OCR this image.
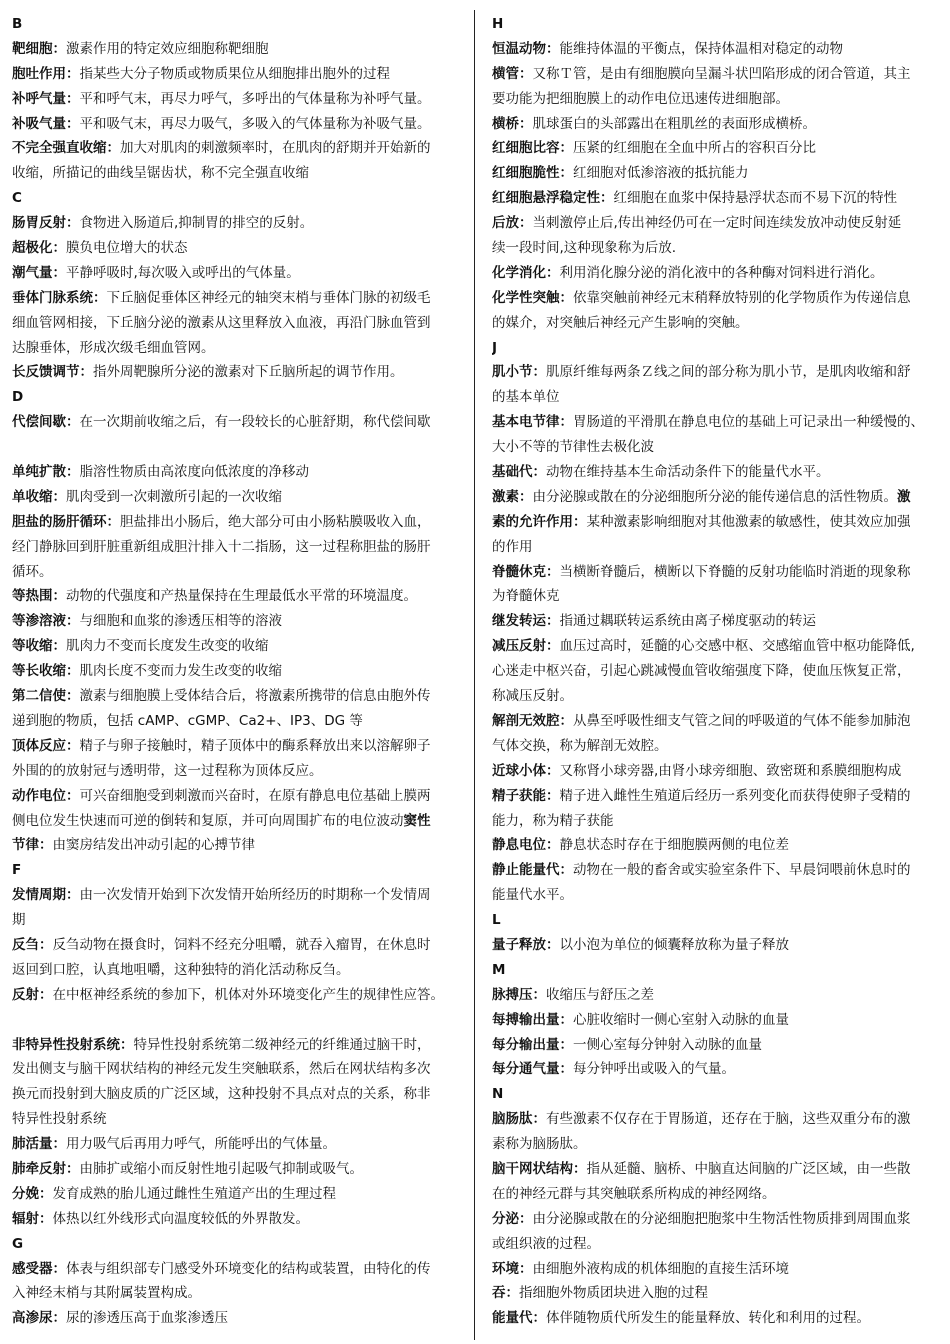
B
靶细胞：激素作用的特定效应细胞称靶细胞
胞吐作用：指某些大分子物质或物质果位从细胞排出胞外的过程
补呼气量：平和呼气末，再尽力呼气，多呼出的气体量称为补呼气量。
补吸气量：平和吸气末，再尽力吸气，多吸入的气体量称为补吸气量。
不完全强直收缩：加大对肌肉的刺激频率时，在肌肉的舒期并开始新的
收缩，所描记的曲线呈锯齿状，称不完全强直收缩
C
肠胃反射：食物进入肠道后,抑制胃的排空的反射。
超极化：膜负电位增大的状态
潮气量：平静呼吸时,每次吸入或呼出的气体量。
垂体门脉系统：下丘脑促垂体区神经元的轴突末梢与垂体门脉的初级毛
细血管网相接，下丘脑分泌的激素从这里释放入血液，再沿门脉血管到
达腺垂体，形成次级毛细血管网。
长反馈调节：指外周靶腺所分泌的激素对下丘脑所起的调节作用。
D
代偿间歇：在一次期前收缩之后，有一段较长的心脏舒期，称代偿间歇
单纯扩散：脂溶性物质由高浓度向低浓度的净移动
单收缩：肌肉受到一次刺激所引起的一次收缩
胆盐的肠肝循环：胆盐排出小肠后，绝大部分可由小肠粘膜吸收入血，
经门静脉回到肝脏重新组成胆汁排入十二指肠，这一过程称胆盐的肠肝
循环。
等热围：动物的代强度和产热量保持在生理最低水平常的环境温度。
等渗溶液：与细胞和血浆的渗透压相等的溶液
等收缩：肌肉力不变而长度发生改变的收缩
等长收缩：肌肉长度不变而力发生改变的收缩
第二信使：激素与细胞膜上受体结合后，将激素所携带的信息由胞外传
递到胞的物质，包括 cAMP、cGMP、Ca2+、IP3、DG 等
顶体反应：精子与卵子接触时，精子顶体中的酶系释放出来以溶解卵子
外围的的放射冠与透明带，这一过程称为顶体反应。
动作电位：可兴奋细胞受到刺激而兴奋时，在原有静息电位基础上膜两
侧电位发生快速而可逆的倒转和复原，并可向周围扩布的电位波动窦性
节律：由窦房结发出冲动引起的心搏节律
F
发情周期：由一次发情开始到下次发情开始所经历的时期称一个发情周
期
反刍：反刍动物在摄食时，饲料不经充分咀嚼，就吞入瘤胃，在休息时
返回到口腔，认真地咀嚼，这种独特的消化活动称反刍。
反射：在中枢神经系统的参加下，机体对外环境变化产生的规律性应答。
非特异性投射系统：特异性投射系统第二级神经元的纤维通过脑干时，
发出侧支与脑干网状结构的神经元发生突触联系，然后在网状结构多次
换元而投射到大脑皮质的广泛区域，这种投射不具点对点的关系，称非
特异性投射系统
肺活量：用力吸气后再用力呼气，所能呼出的气体量。
肺牵反射：由肺扩或缩小而反射性地引起吸气抑制或吸气。
分娩：发育成熟的胎儿通过雌性生殖道产出的生理过程
辐射：体热以红外线形式向温度较低的外界散发。
G
感受器：体表与组织部专门感受外环境变化的结构或装置，由特化的传
入神经末梢与其附属装置构成。
高渗尿：尿的渗透压高于血浆渗透压
H
恒温动物：能维持体温的平衡点，保持体温相对稳定的动物
横管：又称Ｔ管，是由有细胞膜向呈漏斗状凹陷形成的闭合管道，其主
要功能为把细胞膜上的动作电位迅速传进细胞部。
横桥：肌球蛋白的头部露出在粗肌丝的表面形成横桥。
红细胞比容：压紧的红细胞在全血中所占的容积百分比
红细胞脆性：红细胞对低渗溶液的抵抗能力
红细胞悬浮稳定性：红细胞在血浆中保持悬浮状态而不易下沉的特性
后放：当刺激停止后,传出神经仍可在一定时间连续发放冲动使反射延
续一段时间,这种现象称为后放.
化学消化：利用消化腺分泌的消化液中的各种酶对饲料进行消化。
化学性突触：依靠突触前神经元末稍释放特别的化学物质作为传递信息
的媒介，对突触后神经元产生影响的突触。
J
肌小节：肌原纤维每两条Ｚ线之间的部分称为肌小节，是肌肉收缩和舒
的基本单位
基本电节律：胃肠道的平滑肌在静息电位的基础上可记录出一种缓慢的、
大小不等的节律性去极化波
基础代：动物在维持基本生命活动条件下的能量代水平。
激素：由分泌腺或散在的分泌细胞所分泌的能传递信息的活性物质。激
素的允许作用：某种激素影响细胞对其他激素的敏感性，使其效应加强
的作用
脊髓休克：当横断脊髓后，横断以下脊髓的反射功能临时消逝的现象称
为脊髓休克
继发转运：指通过耦联转运系统由离子梯度驱动的转运
减压反射：血压过高时，延髓的心交感中枢、交感缩血管中枢功能降低,
心迷走中枢兴奋，引起心跳减慢血管收缩强度下降，使血压恢复正常，
称减压反射。
解剖无效腔：从鼻至呼吸性细支气管之间的呼吸道的气体不能参加肺泡
气体交换，称为解剖无效腔。
近球小体：又称肾小球旁器,由肾小球旁细胞、致密斑和系膜细胞构成
精子获能：精子进入雌性生殖道后经历一系列变化而获得使卵子受精的
能力，称为精子获能
静息电位：静息状态时存在于细胞膜两侧的电位差
静止能量代：动物在一般的畜舍或实验室条件下、早晨饲喂前休息时的
能量代水平。
L
量子释放：以小泡为单位的倾囊释放称为量子释放
M
脉搏压：收缩压与舒压之差
每搏输出量：心脏收缩时一侧心室射入动脉的血量
每分输出量：一侧心室每分钟射入动脉的血量
每分通气量：每分钟呼出或吸入的气量。
N
脑肠肽：有些激素不仅存在于胃肠道，还存在于脑，这些双重分布的激
素称为脑肠肽。
脑干网状结构：指从延髓、脑桥、中脑直达间脑的广泛区域，由一些散
在的神经元群与其突触联系所构成的神经网络。
分泌：由分泌腺或散在的分泌细胞把胞浆中生物活性物质排到周围血浆
或组织液的过程。
环境：由细胞外液构成的机体细胞的直接生活环境
吞：指细胞外物质团块进入胞的过程
能量代：体伴随物质代所发生的能量释放、转化和利用的过程。
